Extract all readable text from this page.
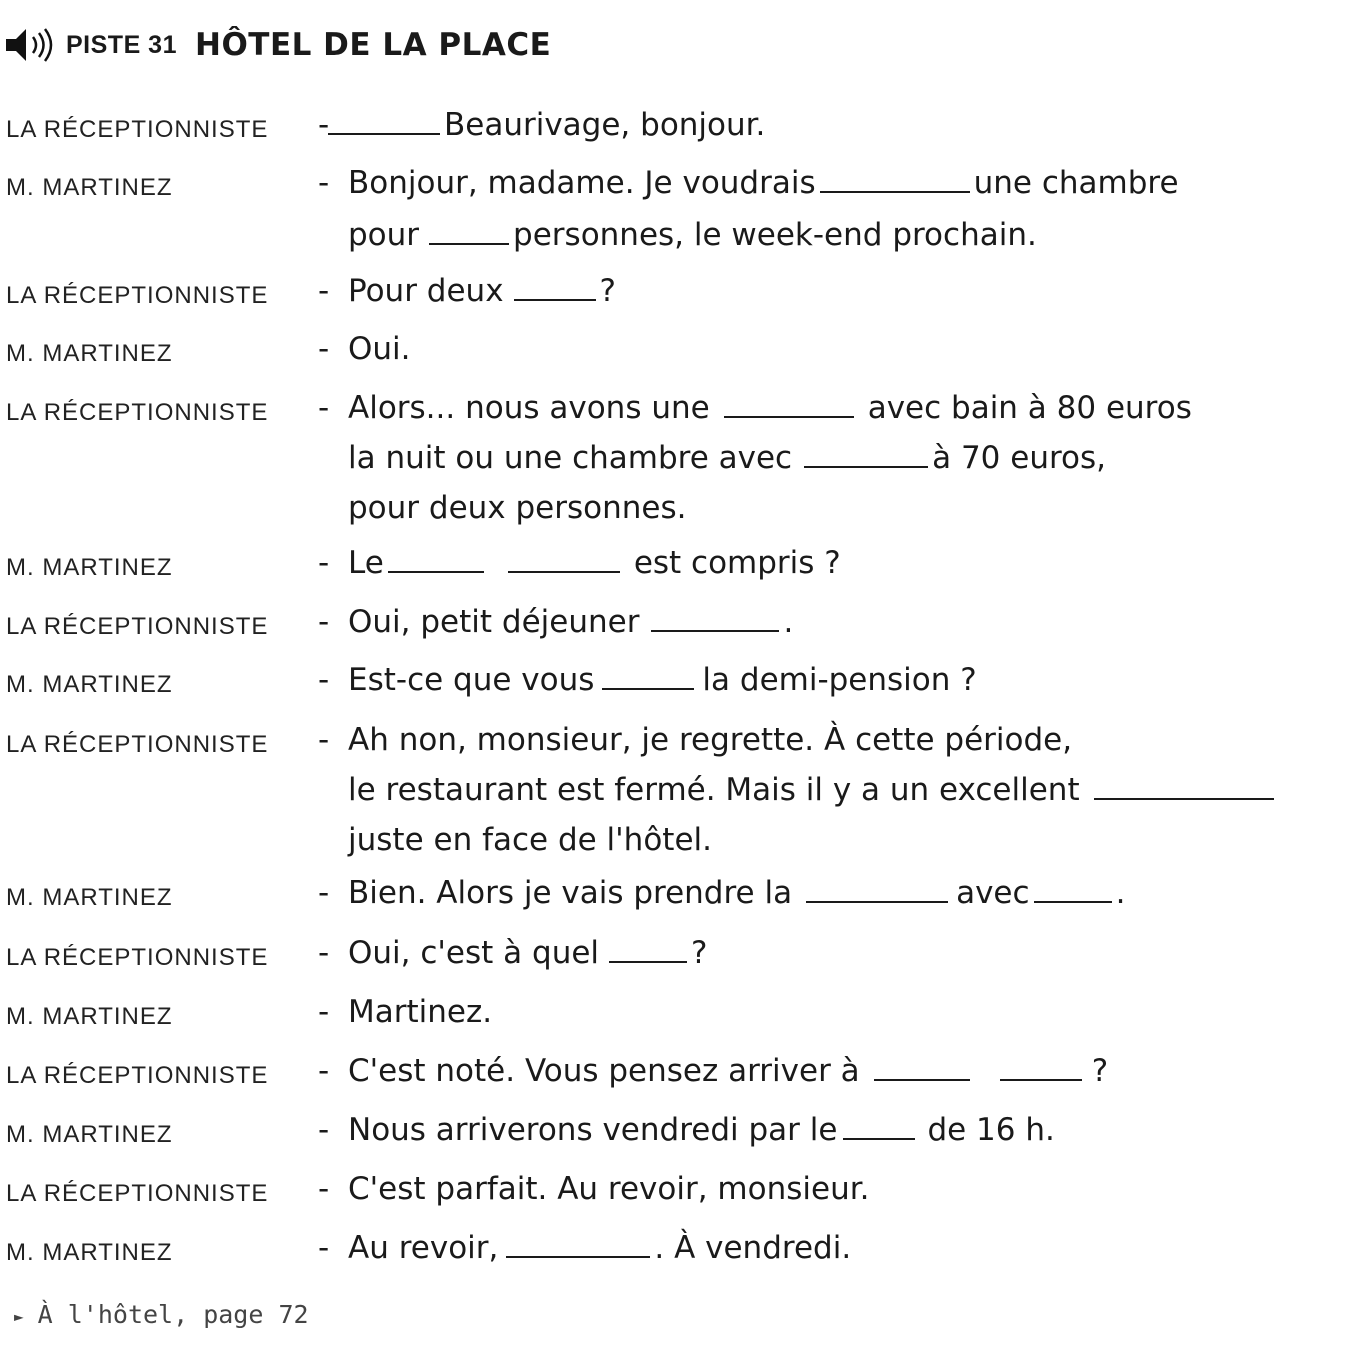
PISTE 31 HÔTEL DE LA PLACE
LA RÉCEPTIONNISTE -	Beaurivage, bonjour.
M. MARTINEZ	- Bonjour, madame. Je voudrais	une chambre
pour	personnes, le week-end prochain.
LA RÉCEPTIONNISTE - Pour deux	?
M. MARTINEZ	- Oui.
LA RÉCEPTIONNISTE - Alors... nous avons une	avec bain à 80 euros
la nuit ou une chambre avec	à 70 euros,
pour deux personnes.
M. MARTINEZ	- Le	est compris ?
LA RÉCEPTIONNISTE - Oui, petit déjeuner	.
M. MARTINEZ	- Est-ce que vous	la demi-pension ?
LA RÉCEPTIONNISTE - Ah non, monsieur, je regrette. À cette période,
le restaurant est fermé. Mais il y a un excellent
juste en face de l'hôtel.
M. MARTINEZ	- Bien. Alors je vais prendre la	avec	.
LA RÉCEPTIONNISTE - Oui, c'est à quel	?
M. MARTINEZ	- Martinez.
LA RÉCEPTIONNISTE - C'est noté. Vous pensez arriver à	?
M. MARTINEZ	- Nous arriverons vendredi par le	de 16 h.
LA RÉCEPTIONNISTE - C'est parfait. Au revoir, monsieur.
M. MARTINEZ	- Au revoir,	. À vendredi.
► À l'hôtel, page 72
